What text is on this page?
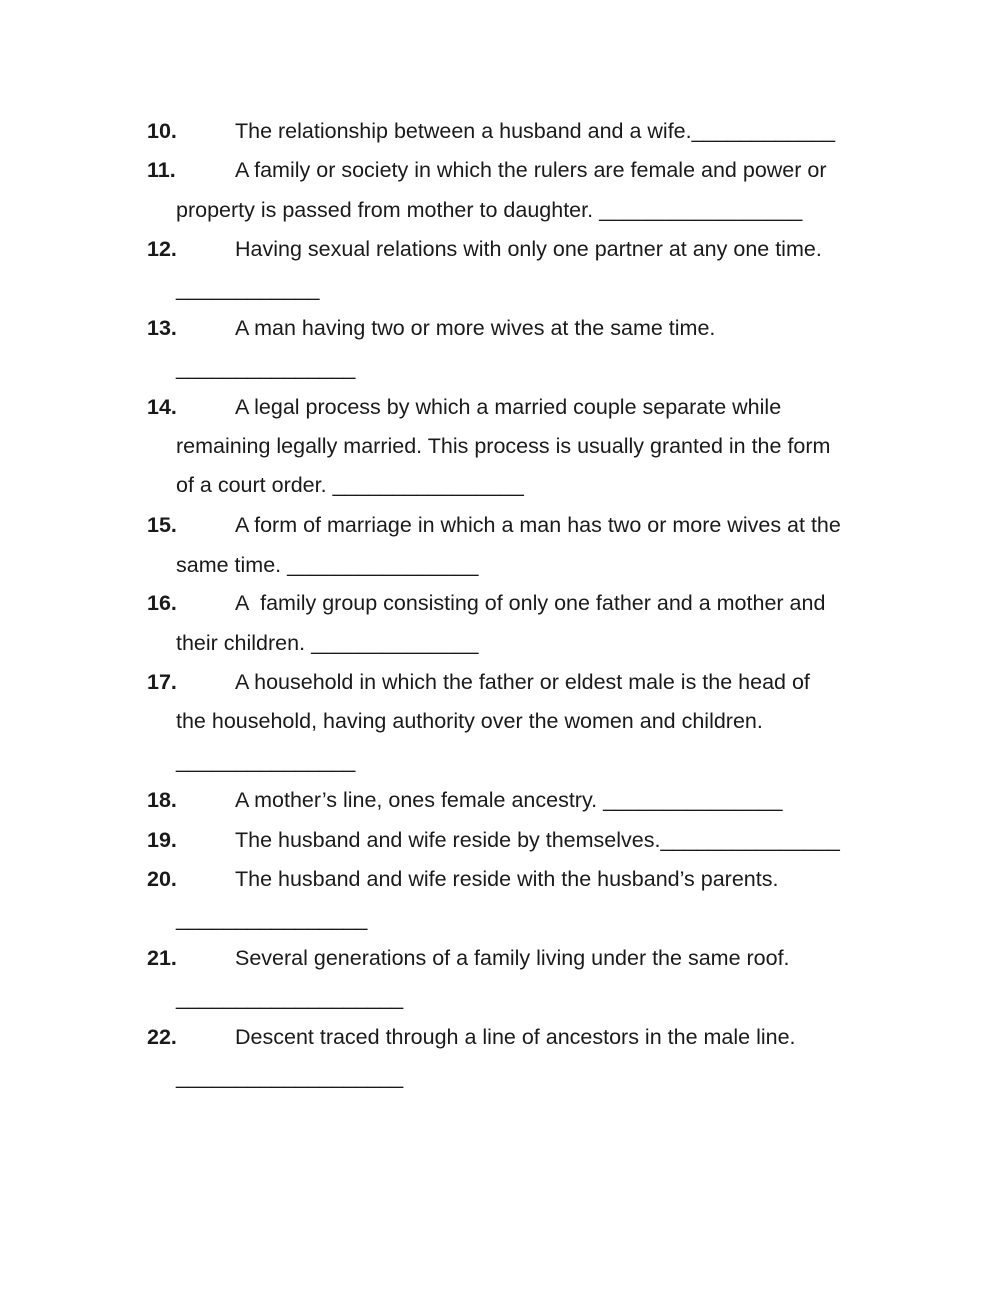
10.	The relationship between a husband and a wife.____________
11.	A family or society in which the rulers are female and power or
property is passed from mother to daughter. _________________
12.	Having sexual relations with only one partner at any one time.
____________
13.	A man having two or more wives at the same time.
_______________
14.	A legal process by which a married couple separate while
remaining legally married. This process is usually granted in the form
of a court order. ________________
15.	A form of marriage in which a man has two or more wives at the
same time. ________________
16.	A  family group consisting of only one father and a mother and
their children. ______________
17.	A household in which the father or eldest male is the head of
the household, having authority over the women and children.
_______________
18.	A mother’s line, ones female ancestry. _______________
19.	The husband and wife reside by themselves._______________
20.	The husband and wife reside with the husband’s parents.
________________
21.	Several generations of a family living under the same roof.
___________________
22.	Descent traced through a line of ancestors in the male line.
___________________
